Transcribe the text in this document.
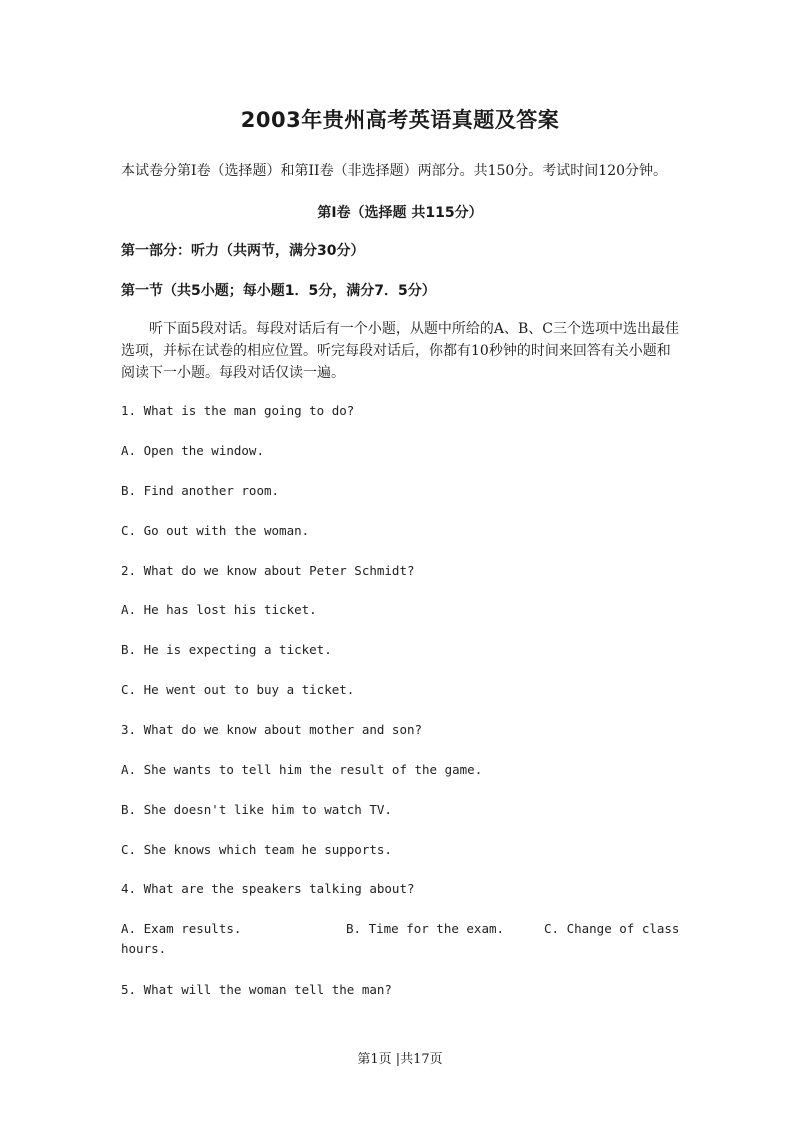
2003年贵州高考英语真题及答案
本试卷分第I卷（选择题）和第II卷（非选择题）两部分。共150分。考试时间120分钟。
第I卷（选择题 共115分）
第一部分：听力（共两节，满分30分）
第一节（共5小题；每小题1．5分，满分7．5分）
听下面5段对话。每段对话后有一个小题，从题中所给的A、B、C三个选项中选出最佳选项，并标在试卷的相应位置。听完每段对话后，你都有10秒钟的时间来回答有关小题和阅读下一小题。每段对话仅读一遍。
1. What is the man going to do?
A. Open the window.
B. Find another room.
C. Go out with the woman.
2. What do we know about Peter Schmidt?
A. He has lost his ticket.
B. He is expecting a ticket.
C. He went out to buy a ticket.
3. What do we know about mother and son?
A. She wants to tell him the result of the game.
B. She doesn't like him to watch TV.
C. She knows which team he supports.
4. What are the speakers talking about?
A. Exam results.	B. Time for the exam.	C. Change of class
hours.
5. What will the woman tell the man?
第1页 |共17页
